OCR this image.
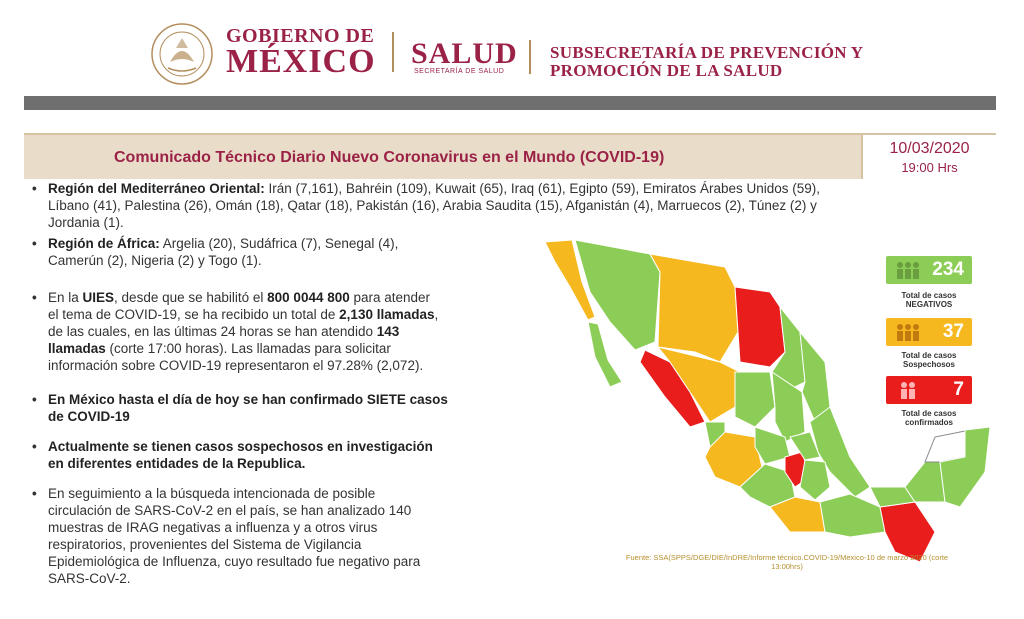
GOBIERNO DE
MÉXICO SALUD
SECRETARÍA DE SALUD
SUBSECRETARÍA DE PREVENCIÓN Y
PROMOCIÓN DE LA SALUD
Comunicado Técnico Diario Nuevo Coronavirus en el Mundo (COVID-19)
10/03/2020
19:00 Hrs
• Región del Mediterráneo Oriental: Irán (7,161), Bahréin (109), Kuwait (65), Iraq (61), Egipto (59), Emiratos Árabes Unidos (59),
Líbano (41), Palestina (26), Omán (18), Qatar (18), Pakistán (16), Arabia Saudita (15), Afganistán (4), Marruecos (2), Túnez (2) y
Jordania (1).
• Región de África: Argelia (20), Sudáfrica (7), Senegal (4),
Camerún (2), Nigeria (2) y Togo (1).
• En la UIES, desde que se habilitó el 800 0044 800 para atender
el tema de COVID-19, se ha recibido un total de 2,130 llamadas,
de las cuales, en las últimas 24 horas se han atendido 143
llamadas (corte 17:00 horas). Las llamadas para solicitar
información sobre COVID-19 representaron el 97.28% (2,072).
• En México hasta el día de hoy se han confirmado SIETE casos
de COVID-19
• Actualmente se tienen casos sospechosos en investigación
en diferentes entidades de la Republica.
• En seguimiento a la búsqueda intencionada de posible
circulación de SARS-CoV-2 en el país, se han analizado 140
muestras de IRAG negativas a influenza y a otros virus
respiratorios, provenientes del Sistema de Vigilancia
Epidemiológica de Influenza, cuyo resultado fue negativo para
SARS-CoV-2.
234
Total de casos
NEGATIVOS
37
Total de casos
Sospechosos
7
Total de casos
confirmados
Fuente: SSA(SPPS/DGE/DIE/InDRE/Informe técnico.COVID-19/Mexico-10 de marzo 2020 (corte
13:00hrs)
